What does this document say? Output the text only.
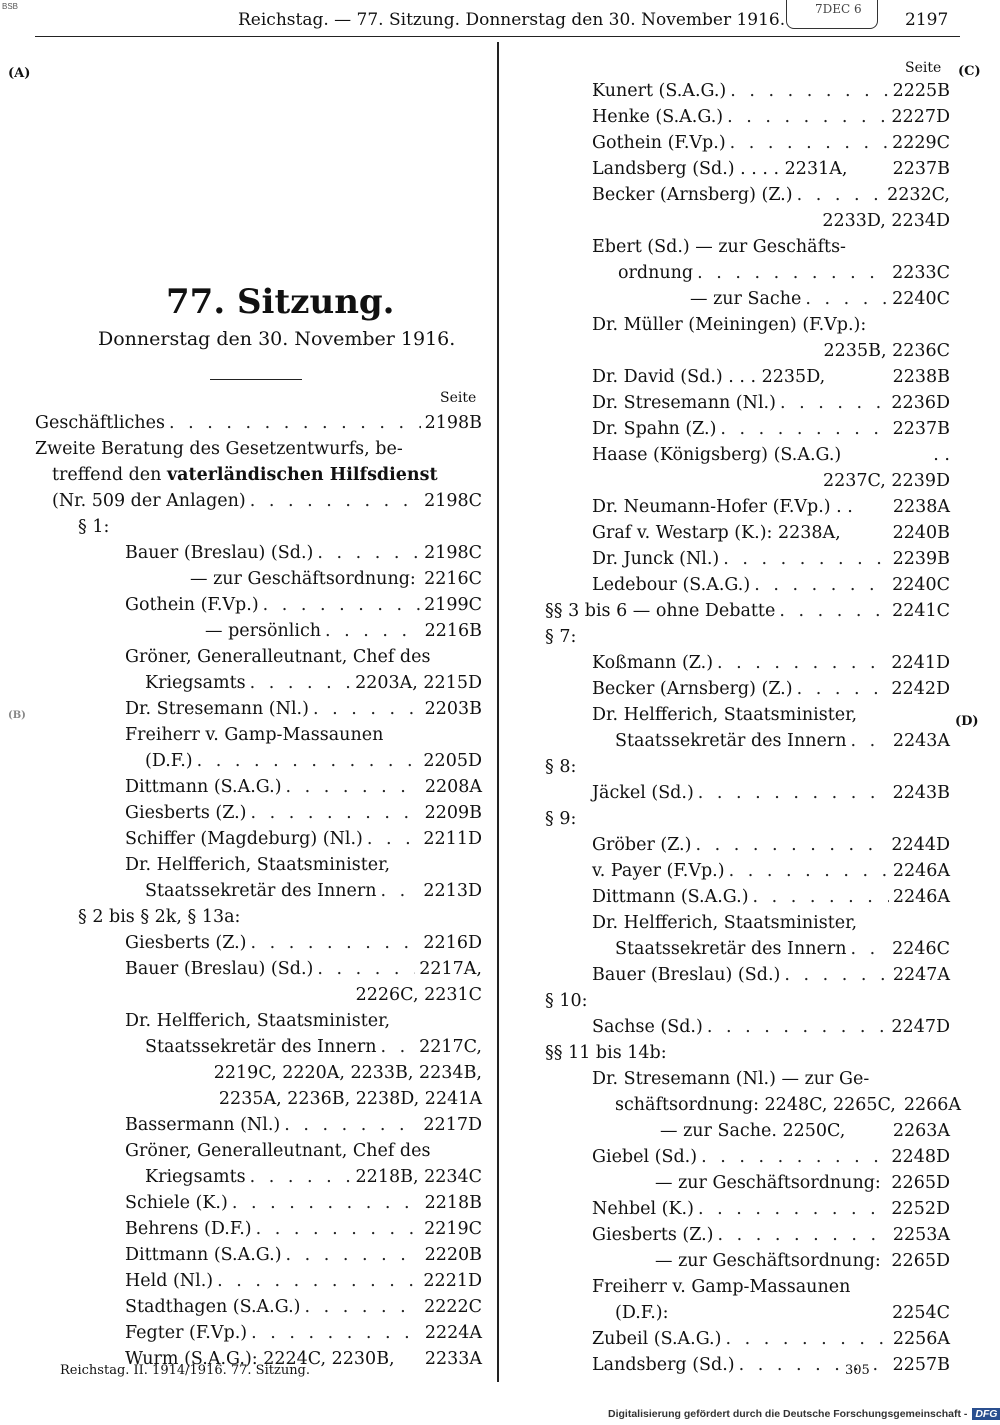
BSB
Reichstag. — 77. Sitzung. Donnerstag den 30. November 1916.
7DEC 6
2197
(A)
(B)
(C)
(D)
77. Sitzung.
Donnerstag den 30. November 1916.
Seite
Seite
Geschäftliches . . .	2198B
Zweite Beratung des Gesetzentwurfs, be-
treffend den vaterländischen Hilfsdienst
(Nr. 509 der Anlagen) . . .	2198C
§ 1:
Bauer (Breslau) (Sd.) . . .	2198C
— zur Geschäftsordnung: 2216C
Gothein (F.Vp.) . . .	2199C
— persönlich . . .	2216B
Gröner, Generalleutnant, Chef des
Kriegsamts . . .	2203A, 2215D
Dr. Stresemann (Nl.) . . .	2203B
Freiherr v. Gamp-Massaunen
(D.F.) . . .	2205D
Dittmann (S.A.G.) . . .	2208A
Giesberts (Z.) . . .	2209B
Schiffer (Magdeburg) (Nl.) . . .	2211D
Dr. Helfferich, Staatsminister,
Staatssekretär des Innern . . .	2213D
§ 2 bis § 2k, § 13a:
Giesberts (Z.) . . .	2216D
Bauer (Breslau) (Sd.) . . .	2217A,
2226C, 2231C
Dr. Helfferich, Staatsminister,
Staatssekretär des Innern . . . 2217C,
2219C, 2220A, 2233B, 2234B,
2235A, 2236B, 2238D, 2241A
Bassermann (Nl.) . . .	2217D
Gröner, Generalleutnant, Chef des
Kriegsamts . . .	2218B, 2234C
Schiele (K.) . . .	2218B
Behrens (D.F.) . . .	2219C
Dittmann (S.A.G.) . . .	2220B
Held (Nl.) . . .	2221D
Stadthagen (S.A.G.) . . .	2222C
Fegter (F.Vp.) . . .	2224A
Wurm (S.A.G.): 2224C, 2230B, 2233A
Kunert (S.A.G.) . . .	2225B
Henke (S.A.G.) . . .	2227D
Gothein (F.Vp.) . . .	2229C
Landsberg (Sd.) . . . . 2231A,	2237B
Becker (Arnsberg) (Z.) . . .	2232C,
2233D, 2234D
Ebert (Sd.) — zur Geschäfts-
ordnung . . .	2233C
— zur Sache . . .	2240C
Dr. Müller (Meiningen) (F.Vp.):
2235B, 2236C
Dr. David (Sd.) . . . 2235D,	2238B
Dr. Stresemann (Nl.) . . .	2236D
Dr. Spahn (Z.) . . .	2237B
Haase (Königsberg) (S.A.G.)	. .
2237C, 2239D
Dr. Neumann-Hofer (F.Vp.) . . 2238A
Graf v. Westarp (K.): 2238A,	2240B
Dr. Junck (Nl.) . . .	2239B
Ledebour (S.A.G.) . . .	2240C
§§ 3 bis 6 — ohne Debatte . . .	2241C
§ 7:
Koßmann (Z.) . . .	2241D
Becker (Arnsberg) (Z.) . . .	2242D
Dr. Helfferich, Staatsminister,
Staatssekretär des Innern . . .	2243A
§ 8:
Jäckel (Sd.) . . .	2243B
§ 9:
Gröber (Z.) . . .	2244D
v. Payer (F.Vp.) . . .	2246A
Dittmann (S.A.G.) . . .	2246A
Dr. Helfferich, Staatsminister,
Staatssekretär des Innern . . .	2246C
Bauer (Breslau) (Sd.) . . .	2247A
§ 10:
Sachse (Sd.) . . .	2247D
§§ 11 bis 14b:
Dr. Stresemann (Nl.) — zur Ge-
schäftsordnung: 2248C, 2265C, 2266A
— zur Sache. 2250C,	2263A
Giebel (Sd.) . . .	2248D
— zur Geschäftsordnung: 2265D
Nehbel (K.) . . .	2252D
Giesberts (Z.) . . .	2253A
— zur Geschäftsordnung: 2265D
Freiherr v. Gamp-Massaunen
(D.F.):	2254C
Zubeil (S.A.G.) . . .	2256A
Landsberg (Sd.) . . .	2257B
Reichstag. II. 1914/1916. 77. Sitzung.	305
Digitalisierung gefördert durch die Deutsche Forschungsgemeinschaft - DFG
